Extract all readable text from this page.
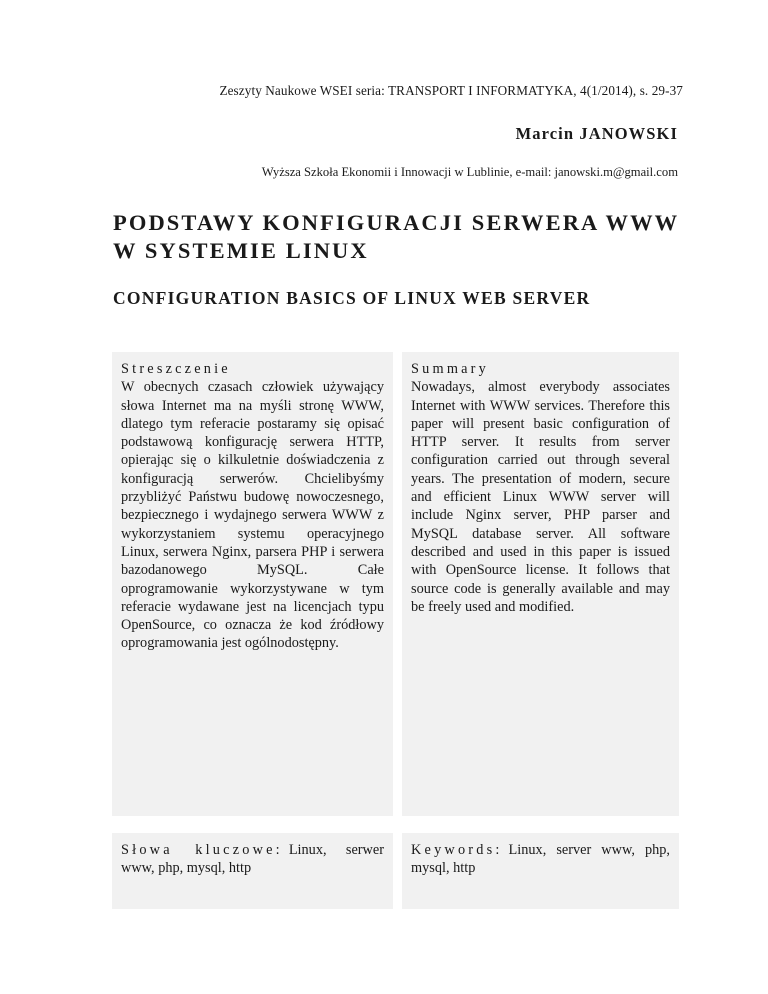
Zeszyty Naukowe WSEI seria: TRANSPORT I INFORMATYKA, 4(1/2014), s. 29-37
Marcin JANOWSKI
Wyższa Szkoła Ekonomii i Innowacji w Lublinie, e-mail: janowski.m@gmail.com
PODSTAWY KONFIGURACJI SERWERA WWW
W SYSTEMIE LINUX
CONFIGURATION BASICS OF LINUX WEB SERVER
Streszczenie
W obecnych czasach człowiek używający słowa Internet ma na myśli stronę WWW, dlatego tym referacie postaramy się opisać podstawową konfigurację serwera HTTP, opierając się o kilkuletnie doświadczenia z konfiguracją serwerów. Chcielibyśmy przybliżyć Państwu budowę nowoczesnego, bezpiecznego i wydajnego serwera WWW z wykorzystaniem systemu operacyjnego Linux, serwera Nginx, parsera PHP i serwera bazodanowego MySQL. Całe oprogramowanie wykorzystywane w tym referacie wydawane jest na licencjach typu OpenSource, co oznacza że kod źródłowy oprogramowania jest ogólnodostępny.
Summary
Nowadays, almost everybody associates Internet with WWW services. Therefore this paper will present basic configuration of HTTP server. It results from server configuration carried out through several years. The presentation of modern, secure and efficient Linux WWW server will include Nginx server, PHP parser and MySQL database server. All software described and used in this paper is issued with OpenSource license. It follows that source code is generally available and may be freely used and modified.
Słowa kluczowe: Linux, serwer www, php, mysql, http
Keywords: Linux, server www, php, mysql, http
